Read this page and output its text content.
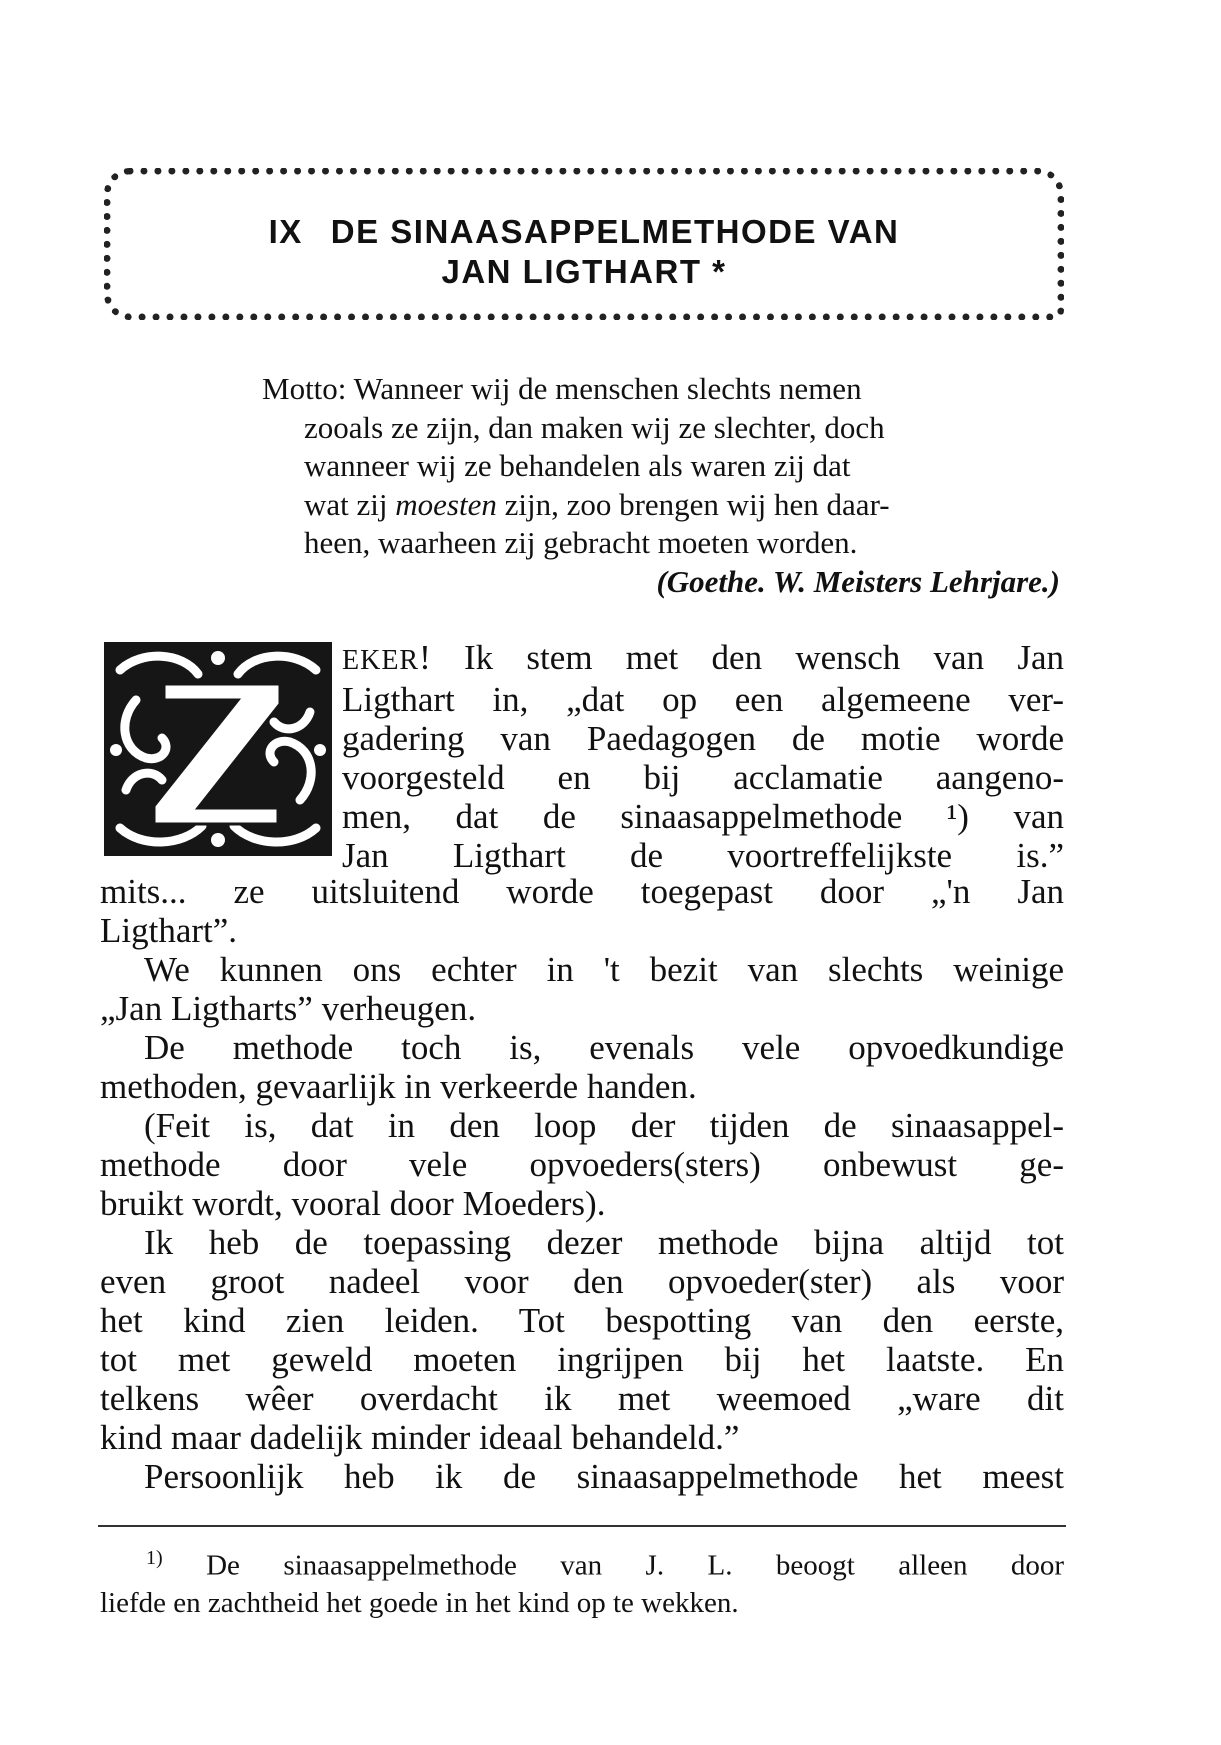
IX DE SINAASAPPELMETHODE VAN
JAN LIGTHART *
Motto: Wanneer wij de menschen slechts nemen
zooals ze zijn, dan maken wij ze slechter, doch
wanneer wij ze behandelen als waren zij dat
wat zij moesten zijn, zoo brengen wij hen daar-
heen, waarheen zij gebracht moeten worden.
(Goethe. W. Meisters Lehrjare.)
Z
EKER! Ik stem met den wensch van Jan
Ligthart in, „dat op een algemeene ver-
gadering van Paedagogen de motie worde
voorgesteld en bij acclamatie aangeno-
men, dat de sinaasappelmethode ¹) van
Jan Ligthart de voortreffelijkste is.”
mits... ze uitsluitend worde toegepast door „'n Jan
Ligthart”.
We kunnen ons echter in 't bezit van slechts weinige
„Jan Ligtharts” verheugen.
De methode toch is, evenals vele opvoedkundige
methoden, gevaarlijk in verkeerde handen.
(Feit is, dat in den loop der tijden de sinaasappel-
methode door vele opvoeders(sters) onbewust ge-
bruikt wordt, vooral door Moeders).
Ik heb de toepassing dezer methode bijna altijd tot
even groot nadeel voor den opvoeder(ster) als voor
het kind zien leiden. Tot bespotting van den eerste,
tot met geweld moeten ingrijpen bij het laatste. En
telkens wêer overdacht ik met weemoed „ware dit
kind maar dadelijk minder ideaal behandeld.”
Persoonlijk heb ik de sinaasappelmethode het meest
$^{1)}$ De sinaasappelmethode van J. L. beoogt alleen door
liefde en zachtheid het goede in het kind op te wekken.
